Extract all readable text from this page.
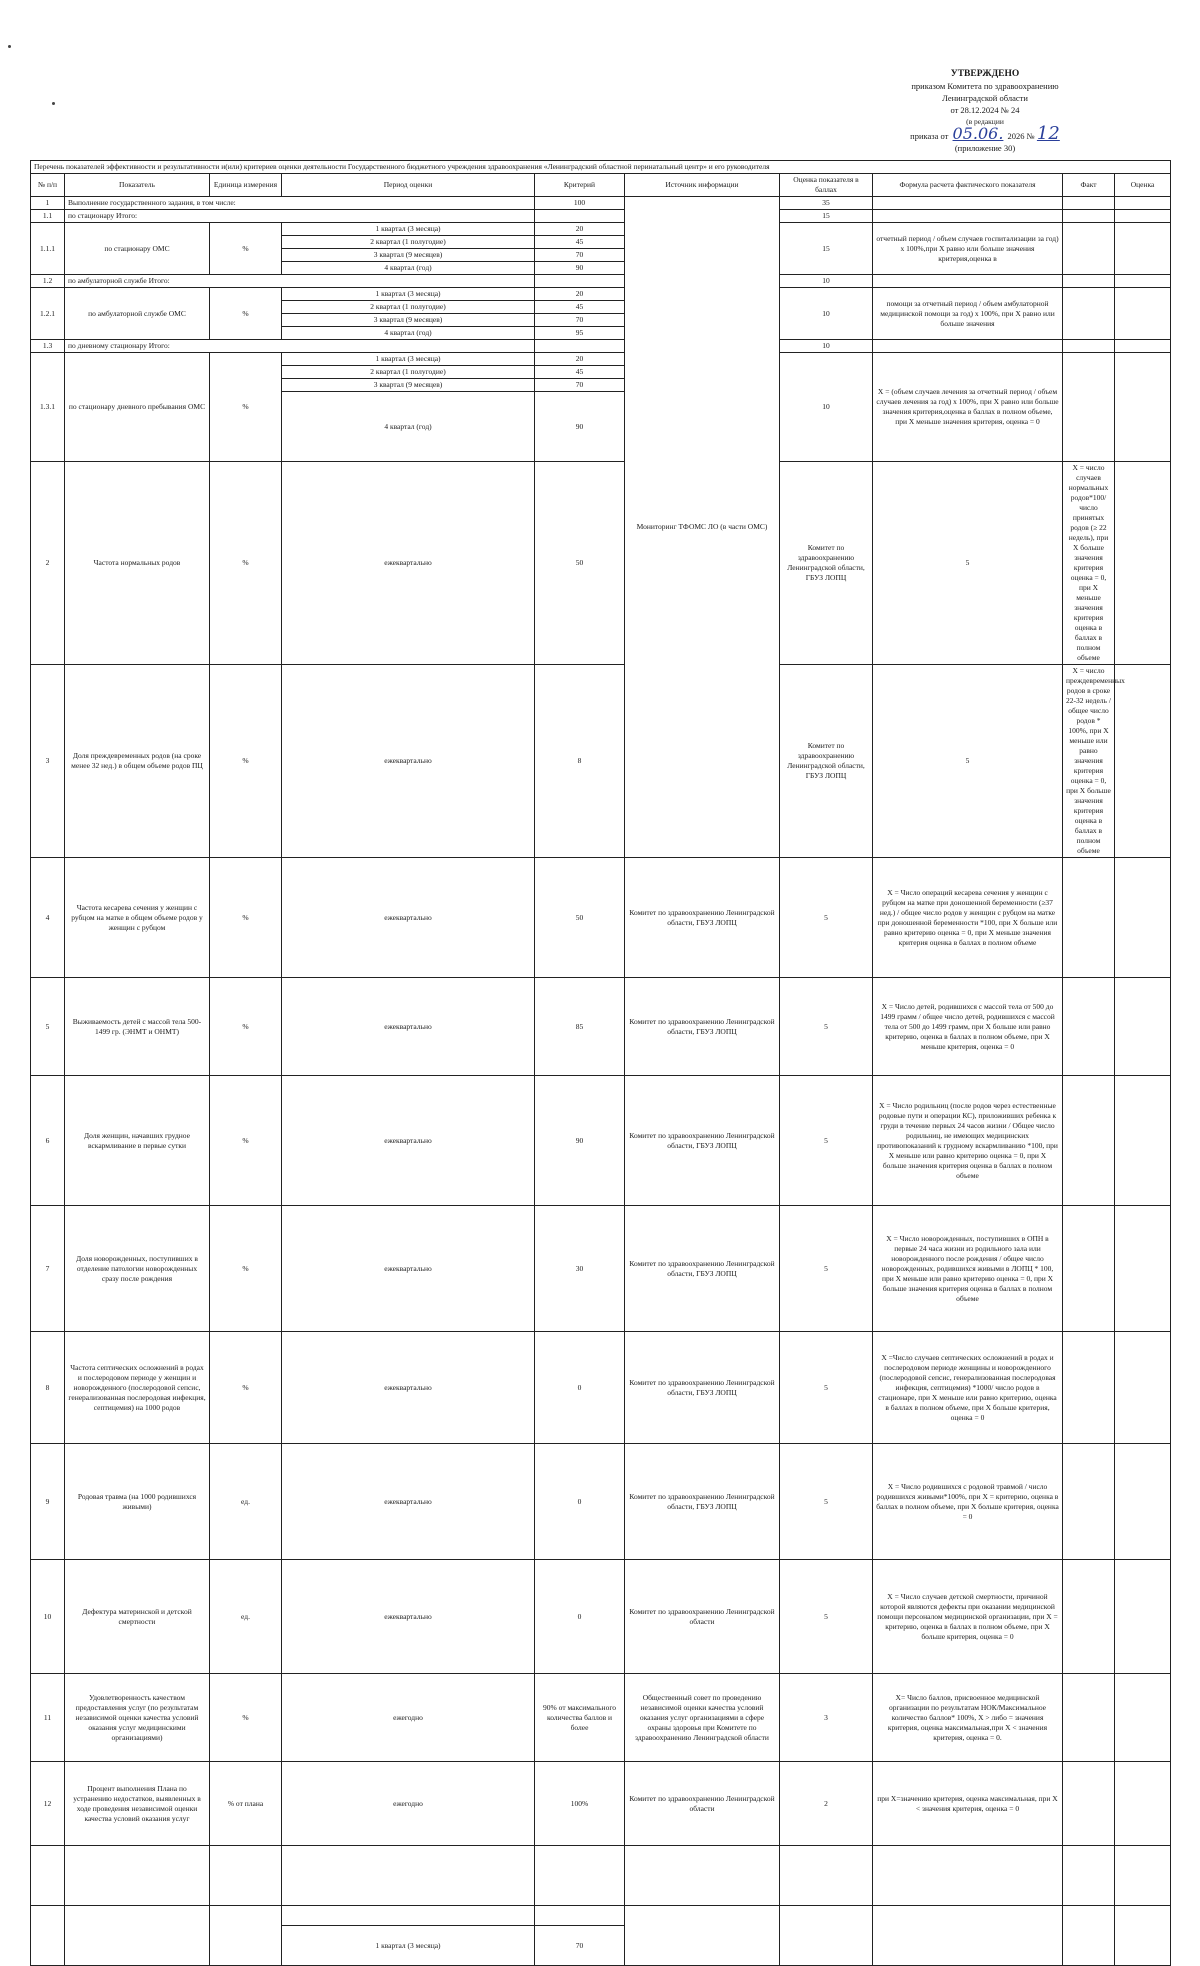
УТВЕРЖДЕНО
приказом Комитета по здравоохранению
Ленинградской области
от 28.12.2024 № 24
(в редакции
приказа от 05.06. 2026 № 12
(приложение 30)
Перечень показателей эффективности и результативности и(или) критериев оценки деятельности Государственного бюджетного учреждения здравоохранения «Ленинградский областной перинатальный центр» и его руководителя										
№ п/п	Показатель	Единица измерения	Период оценки	Критерий	Источник информации	Оценка показателя в баллах	Формула расчета фактического показателя	Факт	Оценка	
1	Выполнение государственного задания, в том числе:			100	Мониторинг ТФОМС ЛО (в части ОМС)	35				
1.1	по стационару Итого:					15				
1.1.1	по стационару ОМС	%	1 квартал (3 месяца)	20		15	отчетный период / объем случаев госпитализации за год) х 100%,при X равно или больше значения критерия,оценка в			
			2 квартал (1 полугодие)	45						
			3 квартал (9 месяцев)	70						
			4 квартал (год)	90						
1.2	по амбулаторной службе Итого:					10				
1.2.1	по амбулаторной службе ОМС	%	1 квартал (3 месяца)	20		10	помощи за отчетный период / объем амбулаторной медицинской помощи за год) х 100%, при X равно или больше значения			
			2 квартал (1 полугодие)	45						
			3 квартал (9 месяцев)	70						
			4 квартал (год)	95						
1.3	по дневному стационару Итого:					10				
1.3.1	по стационару дневного пребывания ОМС	%	1 квартал (3 месяца)	20		10	X = (объем случаев лечения за отчетный период / объем случаев лечения за год) х 100%, при X равно или больше значения критерия,оценка в баллах в полном объеме, при X меньше значения критерия, оценка = 0			
			2 квартал (1 полугодие)	45						
			3 квартал (9 месяцев)	70						
			4 квартал (год)	90						
2	Частота нормальных родов	%	ежеквартально	50		Комитет по здравоохранению Ленинградской области, ГБУЗ ЛОПЦ	5	X = число случаев нормальных родов*100/ число принятых родов (≥ 22 недель), при X больше значения критерия оценка = 0, при X меньше значения критерия оценка в баллах в полном объеме		
3	Доля преждевременных родов (на сроке менее 32 нед.) в общем объеме родов ПЦ	%	ежеквартально	8		Комитет по здравоохранению Ленинградской области, ГБУЗ ЛОПЦ	5	X = число преждевременных родов в сроке 22-32 недель / общее число родов * 100%, при X меньше или равно значения критерия оценка = 0, при X больше значения критерия оценка в баллах в полном объеме		
4	Частота кесарева сечения у женщин с рубцом на матке в общем объеме родов у женщин с рубцом	%	ежеквартально	50	Комитет по здравоохранению Ленинградской области, ГБУЗ ЛОПЦ	5	X = Число операций кесарева сечения у женщин с рубцом на матке при доношенной беременности (≥37 нед.) / общее число родов у женщин с рубцом на матке при доношенной беременности *100, при X больше или равно критерию оценка = 0, при X меньше значения критерия оценка в баллах в полном объеме			
5	Выживаемость детей с массой тела 500-1499 гр. (ЭНМТ и ОНМТ)	%	ежеквартально	85	Комитет по здравоохранению Ленинградской области, ГБУЗ ЛОПЦ	5	X = Число детей, родившихся с массой тела от 500 до 1499 грамм / общее число детей, родившихся с массой тела от 500 до 1499 грамм, при X больше или равно критерию, оценка в баллах в полном объеме, при X меньше критерия, оценка = 0			
6	Доля женщин, начавших грудное вскармливание в первые сутки	%	ежеквартально	90	Комитет по здравоохранению Ленинградской области, ГБУЗ ЛОПЦ	5	X = Число родильниц (после родов через естественные родовые пути и операции КС), приложивших ребенка к груди в течение первых 24 часов жизни / Общее число родильниц, не имеющих медицинских противопоказаний к грудному вскармливанию *100, при X меньше или равно критерию оценка = 0, при X больше значения критерия оценка в баллах в полном объеме			
7	Доля новорожденных, поступивших в отделение патологии новорожденных сразу после рождения	%	ежеквартально	30	Комитет по здравоохранению Ленинградской области, ГБУЗ ЛОПЦ	5	X = Число новорожденных, поступивших в ОПН в первые 24 часа жизни из родильного зала или новорожденного после рождения / общее число новорожденных, родившихся живыми в ЛОПЦ * 100, при X меньше или равно критерию оценка = 0, при X больше значения критерия оценка в баллах в полном объеме			
8	Частота септических осложнений в родах и послеродовом периоде у женщин и новорожденного (послеродовой сепсис, генерализованная послеродовая инфекция, септицемия) на 1000 родов	%	ежеквартально	0	Комитет по здравоохранению Ленинградской области, ГБУЗ ЛОПЦ	5	X =Число случаев септических осложнений в родах и послеродовом периоде женщины и новорожденного (послеродовой сепсис, генерализованная послеродовая инфекция, септицемия) *1000/ число родов в стационаре, при X меньше или равно критерию, оценка в баллах в полном объеме, при X больше критерия, оценка = 0			
9	Родовая травма (на 1000 родившихся живыми)	ед.	ежеквартально	0	Комитет по здравоохранению Ленинградской области, ГБУЗ ЛОПЦ	5	X = Число родившихся с родовой травмой / число родившихся живыми*100%, при X = критерию, оценка в баллах в полном объеме, при X больше критерия, оценка = 0			
10	Дефектура материнской и детской смертности	ед.	ежеквартально	0	Комитет по здравоохранению Ленинградской области	5	X = Число случаев детской смертности, причиной которой являются дефекты при оказании медицинской помощи персоналом медицинской организации, при X = критерию, оценка в баллах в полном объеме, при X больше критерия, оценка = 0			
11	Удовлетворенность качеством предоставления услуг (по результатам независимой оценки качества условий оказания услуг медицинскими организациями)	%	ежегодно	90% от максимального количества баллов и более	Общественный совет по проведению независимой оценки качества условий оказания услуг организациями в сфере охраны здоровья при Комитете по здравоохранению Ленинградской области	3	X= Число баллов, присвоенное медицинской организации по результатам НОК/Максимальное количество баллов* 100%, X > либо = значения критерия, оценка максимальная,при X < значения критерия, оценка = 0.			
12	Процент выполнения Плана по устранению недостатков, выявленных в ходе проведения независимой оценки качества условий оказания услуг	% от плана	ежегодно	100%	Комитет по здравоохранению Ленинградской области	2	при X=значению критерия, оценка максимальная, при X < значения критерия, оценка = 0			

			1 квартал (3 месяца)	70						
